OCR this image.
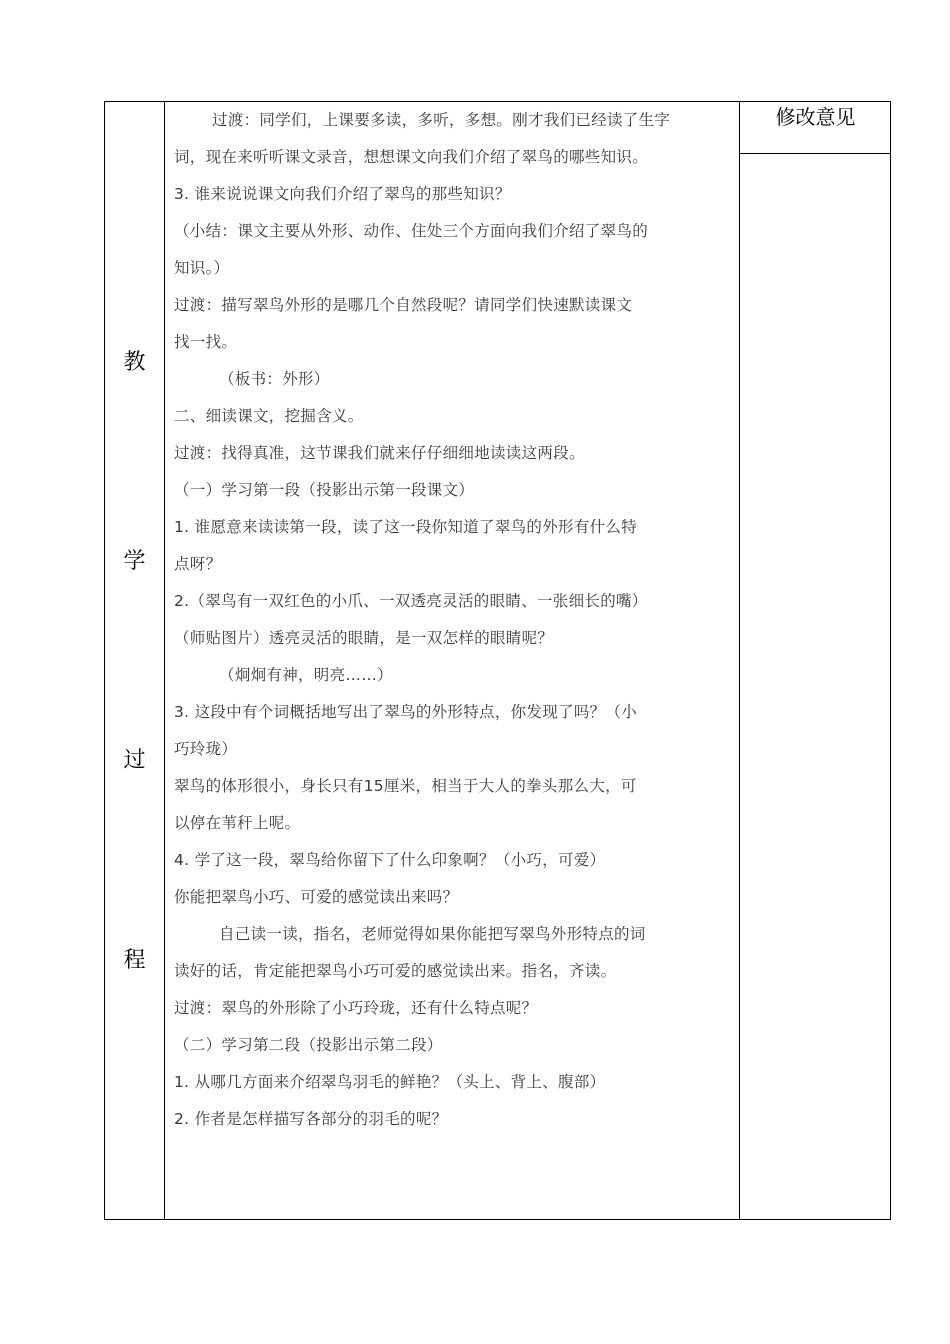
教
学
过
程
修改意见
过渡：同学们，上课要多读，多听，多想。刚才我们已经读了生字
词，现在来听听课文录音，想想课文向我们介绍了翠鸟的哪些知识。
3. 谁来说说课文向我们介绍了翠鸟的那些知识？
（小结：课文主要从外形、动作、住处三个方面向我们介绍了翠鸟的
知识。）
过渡：描写翠鸟外形的是哪几个自然段呢？请同学们快速默读课文
找一找。
（板书：外形）
二、细读课文，挖掘含义。
过渡：找得真准，这节课我们就来仔仔细细地读读这两段。
（一）学习第一段（投影出示第一段课文）
1. 谁愿意来读读第一段，读了这一段你知道了翠鸟的外形有什么特
点呀？
2.（翠鸟有一双红色的小爪、一双透亮灵活的眼睛、一张细长的嘴）
（师贴图片）透亮灵活的眼睛，是一双怎样的眼睛呢？
（炯炯有神，明亮……）
3. 这段中有个词概括地写出了翠鸟的外形特点，你发现了吗？（小
巧玲珑）
翠鸟的体形很小，身长只有15厘米，相当于大人的拳头那么大，可
以停在苇秆上呢。
4. 学了这一段，翠鸟给你留下了什么印象啊？（小巧，可爱）
你能把翠鸟小巧、可爱的感觉读出来吗？
自己读一读，指名，老师觉得如果你能把写翠鸟外形特点的词
读好的话，肯定能把翠鸟小巧可爱的感觉读出来。指名，齐读。
过渡：翠鸟的外形除了小巧玲珑，还有什么特点呢？
（二）学习第二段（投影出示第二段）
1. 从哪几方面来介绍翠鸟羽毛的鲜艳？（头上、背上、腹部）
2. 作者是怎样描写各部分的羽毛的呢？
